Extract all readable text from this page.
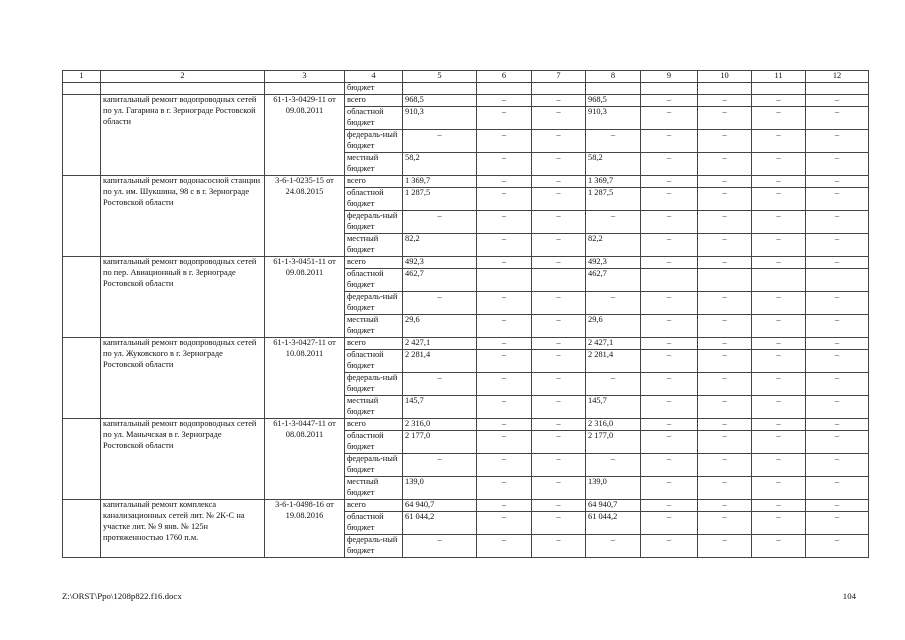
1	2	3	4	5	6	7	8	9	10	11	12
			бюджет								
	капитальный ремонт водопроводных сетей по ул. Гагарина в г. Зернограде Ростовской области	61-1-3-0429-11 от 09.08.2011	всего	968,5	–	–	968,5	–	–	–	–
			областной бюджет	910,3	–	–	910,3	–	–	–	–
			федераль-ный бюджет	–	–	–	–	–	–	–	–
			местный бюджет	58,2	–	–	58,2	–	–	–	–
	капитальный ремонт водонасосной станции по ул. им. Шукшина, 98 с в г. Зернограде Ростовской области	3-6-1-0235-15 от 24.08.2015	всего	1 369,7	–	–	1 369,7	–	–	–	–
			областной бюджет	1 287,5	–	–	1 287,5	–	–	–	–
			федераль-ный бюджет	–	–	–	–	–	–	–	–
			местный бюджет	82,2	–	–	82,2	–	–	–	–
	капитальный ремонт водопроводных сетей по пер. Авиационный в г. Зернограде Ростовской области	61-1-3-0451-11 от 09.08.2011	всего	492,3	–	–	492,3	–	–	–	–
			областной бюджет	462,7			462,7				
			федераль-ный бюджет	–	–	–	–	–	–	–	–
			местный бюджет	29,6	–	–	29,6	–	–	–	–
	капитальный ремонт водопроводных сетей по ул. Жуковского в г. Зернограде Ростовской области	61-1-3-0427-11 от 10.08.2011	всего	2 427,1	–	–	2 427,1	–	–	–	–
			областной бюджет	2 281,4	–	–	2 281,4	–	–	–	–
			федераль-ный бюджет	–	–	–	–	–	–	–	–
			местный бюджет	145,7	–	–	145,7	–	–	–	–
	капитальный ремонт водопроводных сетей по ул. Манычская в г. Зернограде Ростовской области	61-1-3-0447-11 от 08.08.2011	всего	2 316,0	–	–	2 316,0	–	–	–	–
			областной бюджет	2 177,0	–	–	2 177,0	–	–	–	–
			федераль-ный бюджет	–	–	–	–	–	–	–	–
			местный бюджет	139,0	–	–	139,0	–	–	–	–
	капитальный ремонт комплекса канализационных сетей лит. № 2К-С на участке лит. № 9 янв. № 125н протяженностью 1760 п.м.	3-6-1-0498-16 от 19.08.2016	всего	64 940,7	–	–	64 940,7	–	–	–	–
			областной бюджет	61 044,2	–	–	61 044,2	–	–	–	–
			федераль-ный бюджет	–	–	–	–	–	–	–	–
Z:\ORST\Ppo\1208p822.f16.docx	104
